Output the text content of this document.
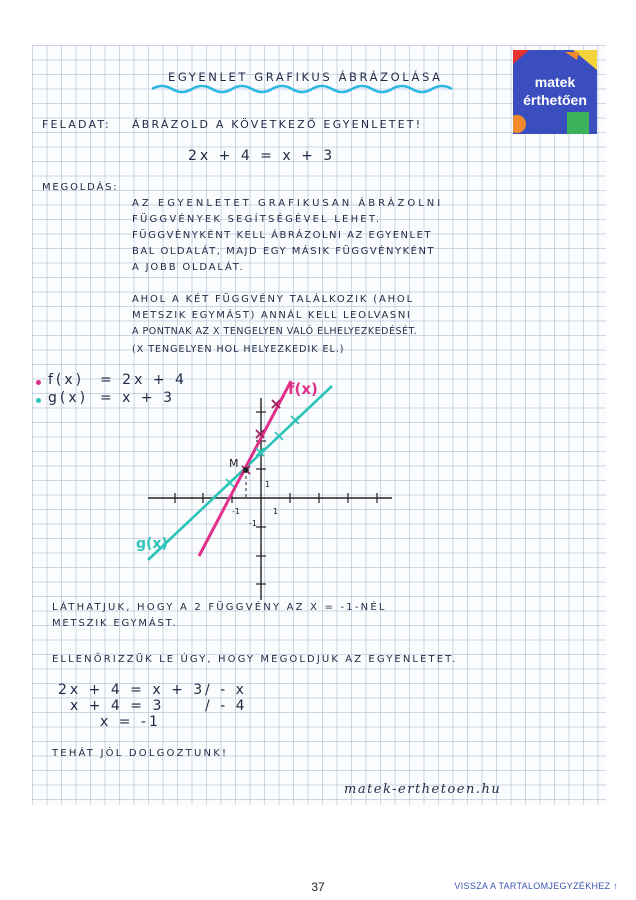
EGYENLET GRAFIKUS ÁBRÁZOLÁSA	matek
érthetően
FELADAT: ÁBRÁZOLD A KÖVETKEZŐ EGYENLETET!
2x + 4 = x + 3
MEGOLDÁS:
AZ EGYENLETET GRAFIKUSAN ÁBRÁZOLNI
FÜGGVÉNYEK SEGÍTSÉGÉVEL LEHET.
FÜGGVÉNYKÉNT KELL ÁBRÁZOLNI AZ EGYENLET
BAL OLDALÁT, MAJD EGY MÁSIK FÜGGVÉNYKÉNT
A JOBB OLDALÁT.
AHOL A KÉT FÜGGVÉNY TALÁLKOZIK (AHOL
METSZIK EGYMÁST) ANNÁL KELL LEOLVASNI
A PONTNAK AZ X TENGELYEN VALÓ ELHELYEZKEDÉSÉT.
(X TENGELYEN HOL HELYEZKEDIK EL.)
f(x) = 2x + 4
g(x) = x + 3	f(x)
g(x)
M
-1	1
1
-1
LÁTHATJUK, HOGY A 2 FÜGGVÉNY AZ X = -1-NÉL
METSZIK EGYMÁST.
ELLENŐRIZZÜK LE ÚGY, HOGY MEGOLDJUK AZ EGYENLETET.
2x + 4 = x + 3
x + 4 = 3
x = -1
/ - x
/ - 4
TEHÁT JÓL DOLGOZTUNK!
matek-erthetoen.hu
37	VISSZA A TARTALOMJEGYZÉKHEZ ↑
